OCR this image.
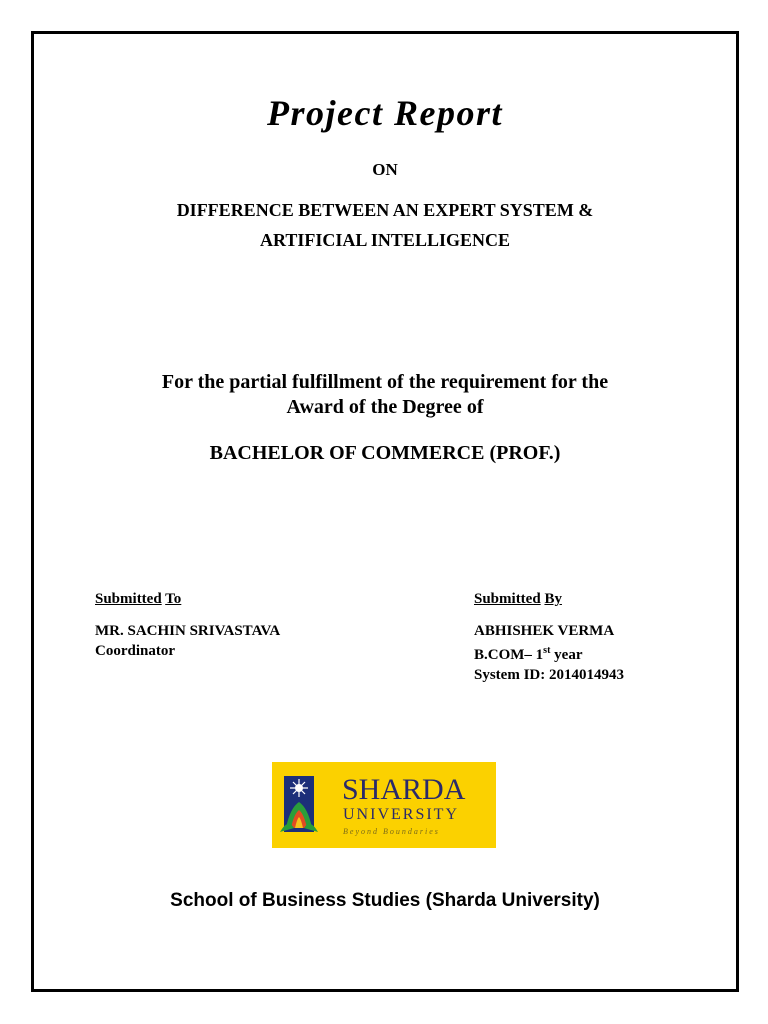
Project Report
ON
DIFFERENCE BETWEEN AN EXPERT SYSTEM &
ARTIFICIAL INTELLIGENCE
For the partial fulfillment of the requirement for the
Award of the Degree of
BACHELOR OF COMMERCE (PROF.)
Submitted To
MR. SACHIN SRIVASTAVA
Coordinator
Submitted By
ABHISHEK VERMA
B.COM– 1st year
System ID: 2014014943
SHARDA
UNIVERSITY
Beyond Boundaries
School of Business Studies (Sharda University)
